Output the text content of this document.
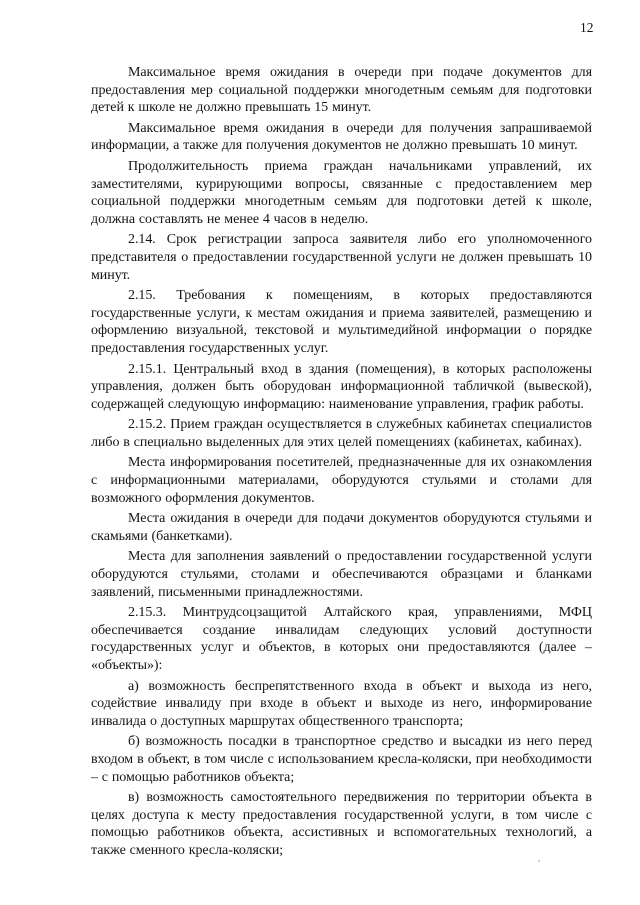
12

Максимальное время ожидания в очереди при подаче документов для предоставления мер социальной поддержки многодетным семьям для подготовки детей к школе не должно превышать 15 минут.

Максимальное время ожидания в очереди для получения запрашиваемой информации, а также для получения документов не должно превышать 10 минут.

Продолжительность приема граждан начальниками управлений, их заместителями, курирующими вопросы, связанные с предоставлением мер социальной поддержки многодетным семьям для подготовки детей к школе, должна составлять не менее 4 часов в неделю.

2.14. Срок регистрации запроса заявителя либо его уполномоченного представителя о предоставлении государственной услуги не должен превышать 10 минут.

2.15. Требования к помещениям, в которых предоставляются государственные услуги, к местам ожидания и приема заявителей, размещению и оформлению визуальной, текстовой и мультимедийной информации о порядке предоставления государственных услуг.

2.15.1. Центральный вход в здания (помещения), в которых расположены управления, должен быть оборудован информационной табличкой (вывеской), содержащей следующую информацию: наименование управления, график работы.

2.15.2. Прием граждан осуществляется в служебных кабинетах специалистов либо в специально выделенных для этих целей помещениях (кабинетах, кабинах).

Места информирования посетителей, предназначенные для их ознакомления с информационными материалами, оборудуются стульями и столами для возможного оформления документов.

Места ожидания в очереди для подачи документов оборудуются стульями и скамьями (банкетками).

Места для заполнения заявлений о предоставлении государственной услуги оборудуются стульями, столами и обеспечиваются образцами и бланками заявлений, письменными принадлежностями.

2.15.3. Минтрудсоцзащитой Алтайского края, управлениями, МФЦ обеспечивается создание инвалидам следующих условий доступности государственных услуг и объектов, в которых они предоставляются (далее – «объекты»):

а) возможность беспрепятственного входа в объект и выхода из него, содействие инвалиду при входе в объект и выходе из него, информирование инвалида о доступных маршрутах общественного транспорта;

б) возможность посадки в транспортное средство и высадки из него перед входом в объект, в том числе с использованием кресла-коляски, при необходимости – с помощью работников объекта;

в) возможность самостоятельного передвижения по территории объекта в целях доступа к месту предоставления государственной услуги, в том числе с помощью работников объекта, ассистивных и вспомогательных технологий, а также сменного кресла-коляски;
